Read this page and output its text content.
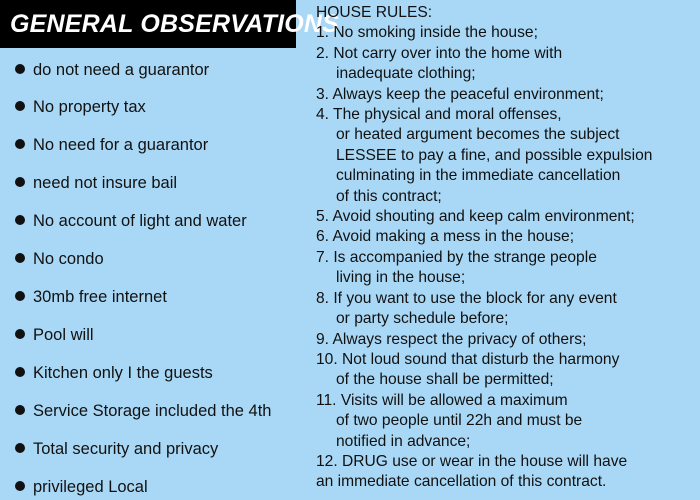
GENERAL OBSERVATIONS
do not need a guarantor
No property tax
No need for a guarantor
need not insure bail
No account of light and water
No condo
30mb free internet
Pool will
Kitchen only I the guests
Service Storage included the 4th
Total security and privacy
privileged Local
HOUSE RULES:
1. No smoking inside the house;
2. Not carry over into the home with
inadequate clothing;
3. Always keep the peaceful environment;
4. The physical and moral offenses,
or heated argument becomes the subject
LESSEE to pay a fine, and possible expulsion
culminating in the immediate cancellation
of this contract;
5. Avoid shouting and keep calm environment;
6. Avoid making a mess in the house;
7. Is accompanied by the strange people
living in the house;
8. If you want to use the block for any event
or party schedule before;
9. Always respect the privacy of others;
10. Not loud sound that disturb the harmony
of the house shall be permitted;
11. Visits will be allowed a maximum
of two people until 22h and must be
notified in advance;
12. DRUG use or wear in the house will have
an immediate cancellation of this contract.
